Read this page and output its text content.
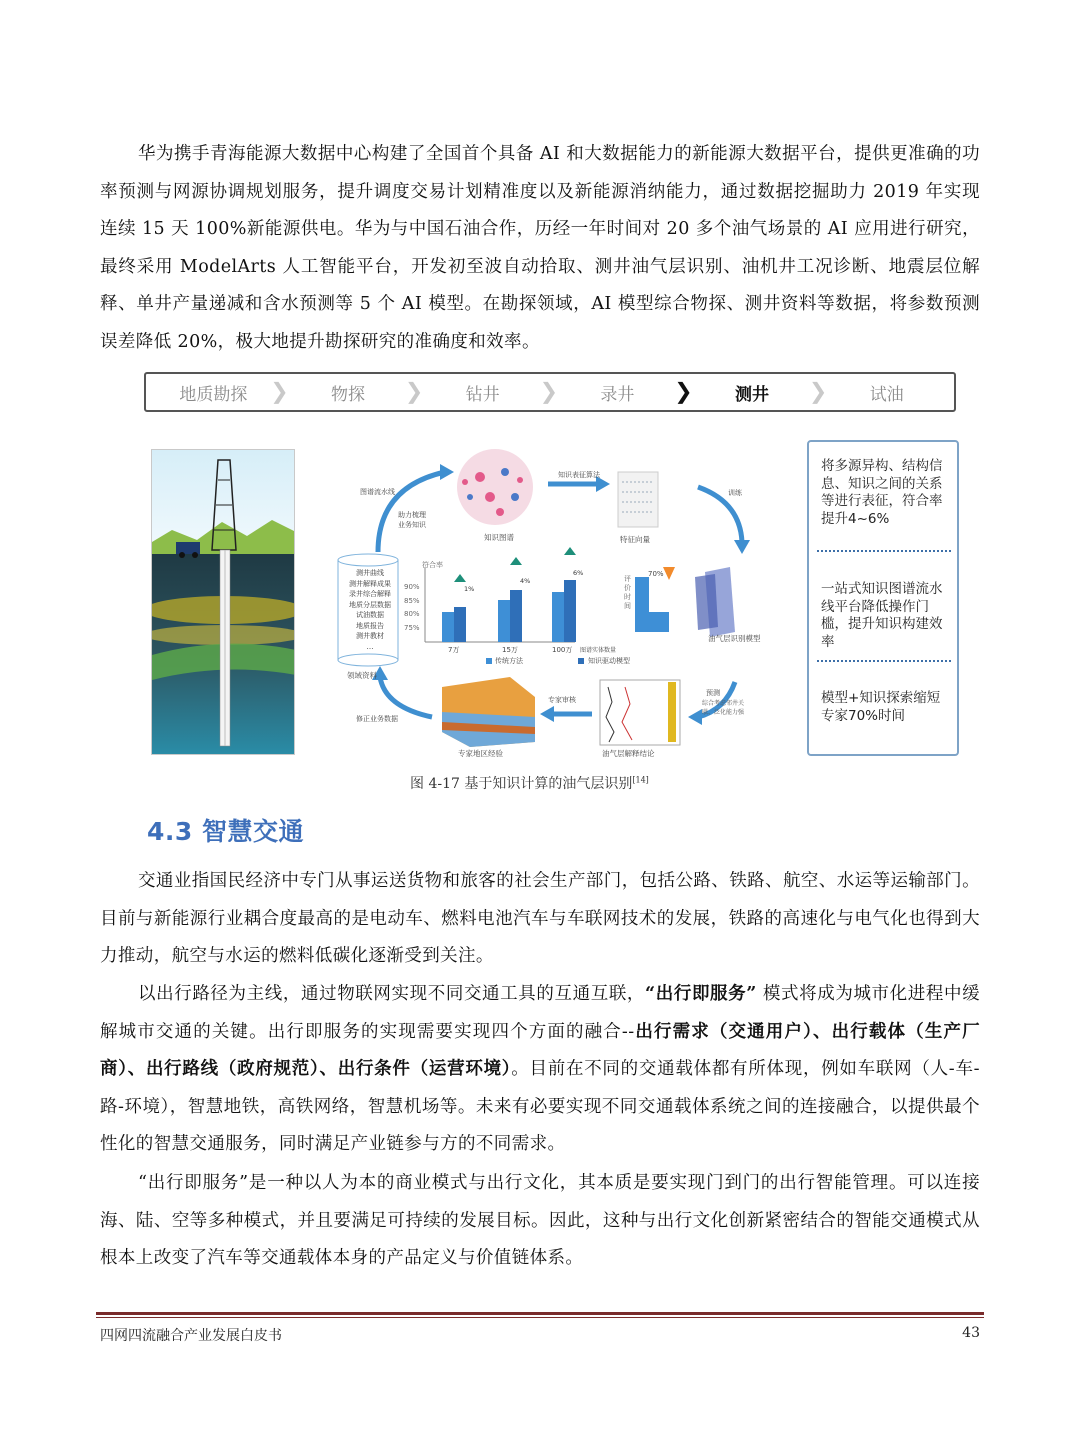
华为携手青海能源大数据中心构建了全国首个具备 AI 和大数据能力的新能源大数据平台，提供更准确的功率预测与网源协调规划服务，提升调度交易计划精准度以及新能源消纳能力，通过数据挖掘助力 2019 年实现连续 15 天 100%新能源供电。华为与中国石油合作，历经一年时间对 20 多个油气场景的 AI 应用进行研究，最终采用 ModelArts 人工智能平台，开发初至波自动拾取、测井油气层识别、油机井工况诊断、地震层位解释、单井产量递减和含水预测等 5 个 AI 模型。在勘探领域，AI 模型综合物探、测井资料等数据，将参数预测误差降低 20%，极大地提升勘探研究的准确度和效率。

地质勘探 ❯	物探 ❯	钻井 ❯	录井 ❯	测井 ❯	试油
图谱流水线
助力梳理
业务知识
知识图谱
知识表征算法
特征向量
训练
测井曲线
测井解释成果
录井综合解释
地质分层数据
试油数据
地质报告
测井教材
…
领域资料
符合率
90%
85%
80%
75%
1%
4%
6%
7万	15万	100万 图谱实体数量
传统方法	知识驱动模型
评价时间
70%
油气层识别模型
预测
综合考虑邻井关联、泛化能力强
油气层解释结论
专家审核
专家地区经验
修正业务数据
将多源异构、结构信息、知识之间的关系等进行表征，符合率提升4~6%
一站式知识图谱流水线平台降低操作门槛，提升知识构建效率
模型+知识探索缩短专家70%时间
图 4-17 基于知识计算的油气层识别[14]
4.3 智慧交通

交通业指国民经济中专门从事运送货物和旅客的社会生产部门，包括公路、铁路、航空、水运等运输部门。目前与新能源行业耦合度最高的是电动车、燃料电池汽车与车联网技术的发展，铁路的高速化与电气化也得到大力推动，航空与水运的燃料低碳化逐渐受到关注。

以出行路径为主线，通过物联网实现不同交通工具的互通互联，“出行即服务” 模式将成为城市化进程中缓解城市交通的关键。出行即服务的实现需要实现四个方面的融合--出行需求（交通用户）、出行载体（生产厂商）、出行路线（政府规范）、出行条件（运营环境）。目前在不同的交通载体都有所体现，例如车联网（人-车-路-环境），智慧地铁，高铁网络，智慧机场等。未来有必要实现不同交通载体系统之间的连接融合，以提供最个性化的智慧交通服务，同时满足产业链参与方的不同需求。

“出行即服务”是一种以人为本的商业模式与出行文化，其本质是要实现门到门的出行智能管理。可以连接海、陆、空等多种模式，并且要满足可持续的发展目标。因此，这种与出行文化创新紧密结合的智能交通模式从根本上改变了汽车等交通载体本身的产品定义与价值链体系。

四网四流融合产业发展白皮书	43
